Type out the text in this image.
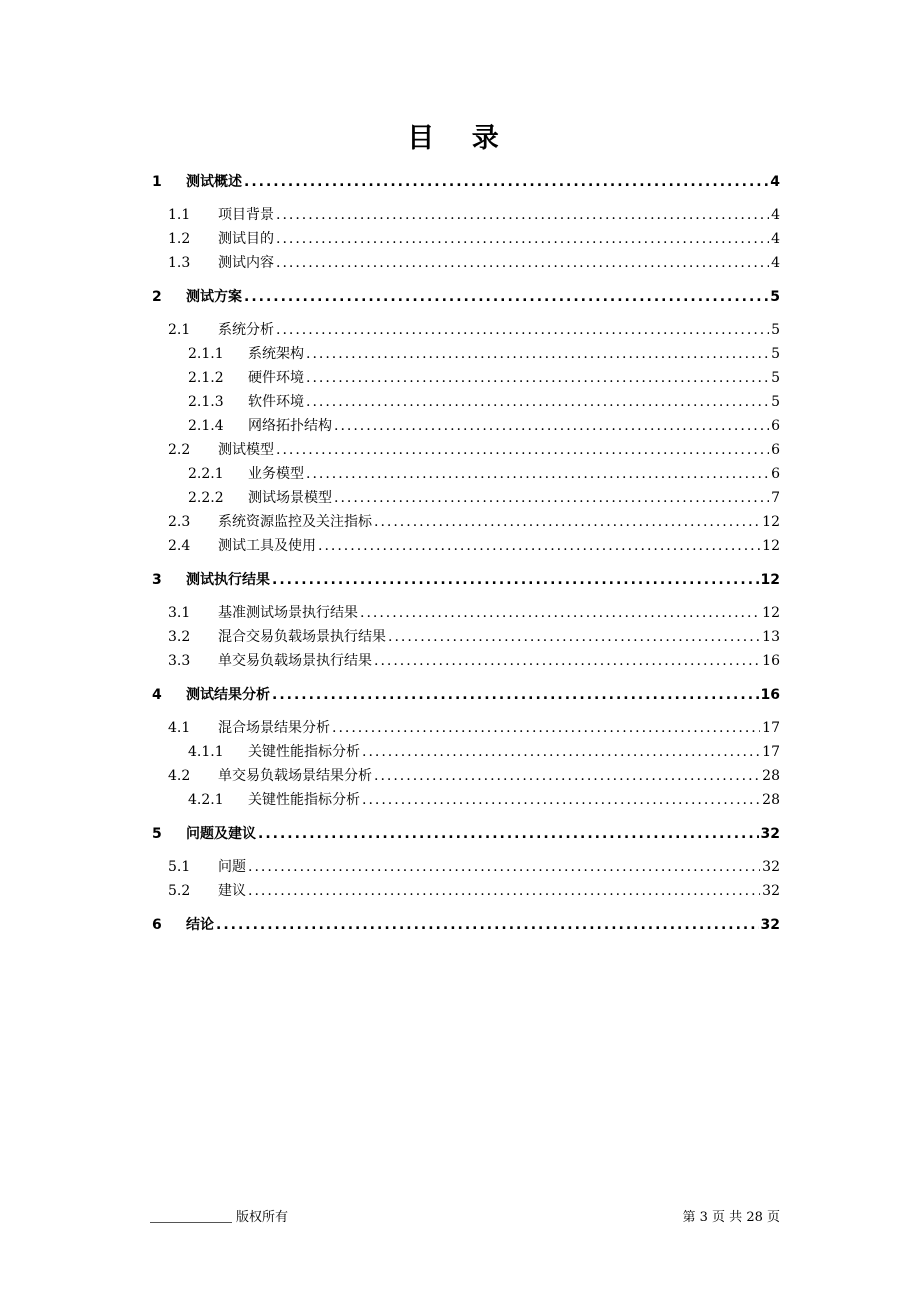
目 录
1	测试概述 .....	4
1.1	项目背景 .....	4
1.2	测试目的 .....	4
1.3	测试内容 .....	4
2	测试方案 .....	5
2.1	系统分析 .....	5
2.1.1	系统架构 .....	5
2.1.2	硬件环境 .....	5
2.1.3	软件环境 .....	5
2.1.4	网络拓扑结构 .....	6
2.2	测试模型 .....	6
2.2.1	业务模型 .....	6
2.2.2	测试场景模型 .....	7
2.3	系统资源监控及关注指标 .....	12
2.4	测试工具及使用 .....	12
3	测试执行结果 .....	12
3.1	基准测试场景执行结果 .....	12
3.2	混合交易负载场景执行结果 .....	13
3.3	单交易负载场景执行结果 .....	16
4	测试结果分析 .....	16
4.1	混合场景结果分析 .....	17
4.1.1	关键性能指标分析 .....	17
4.2	单交易负载场景结果分析 .....	28
4.2.1	关键性能指标分析 .....	28
5	问题及建议 .....	32
5.1	问题 .....	32
5.2	建议 .....	32
6	结论 .....	32
版权所有	第 3 页 共 28 页
